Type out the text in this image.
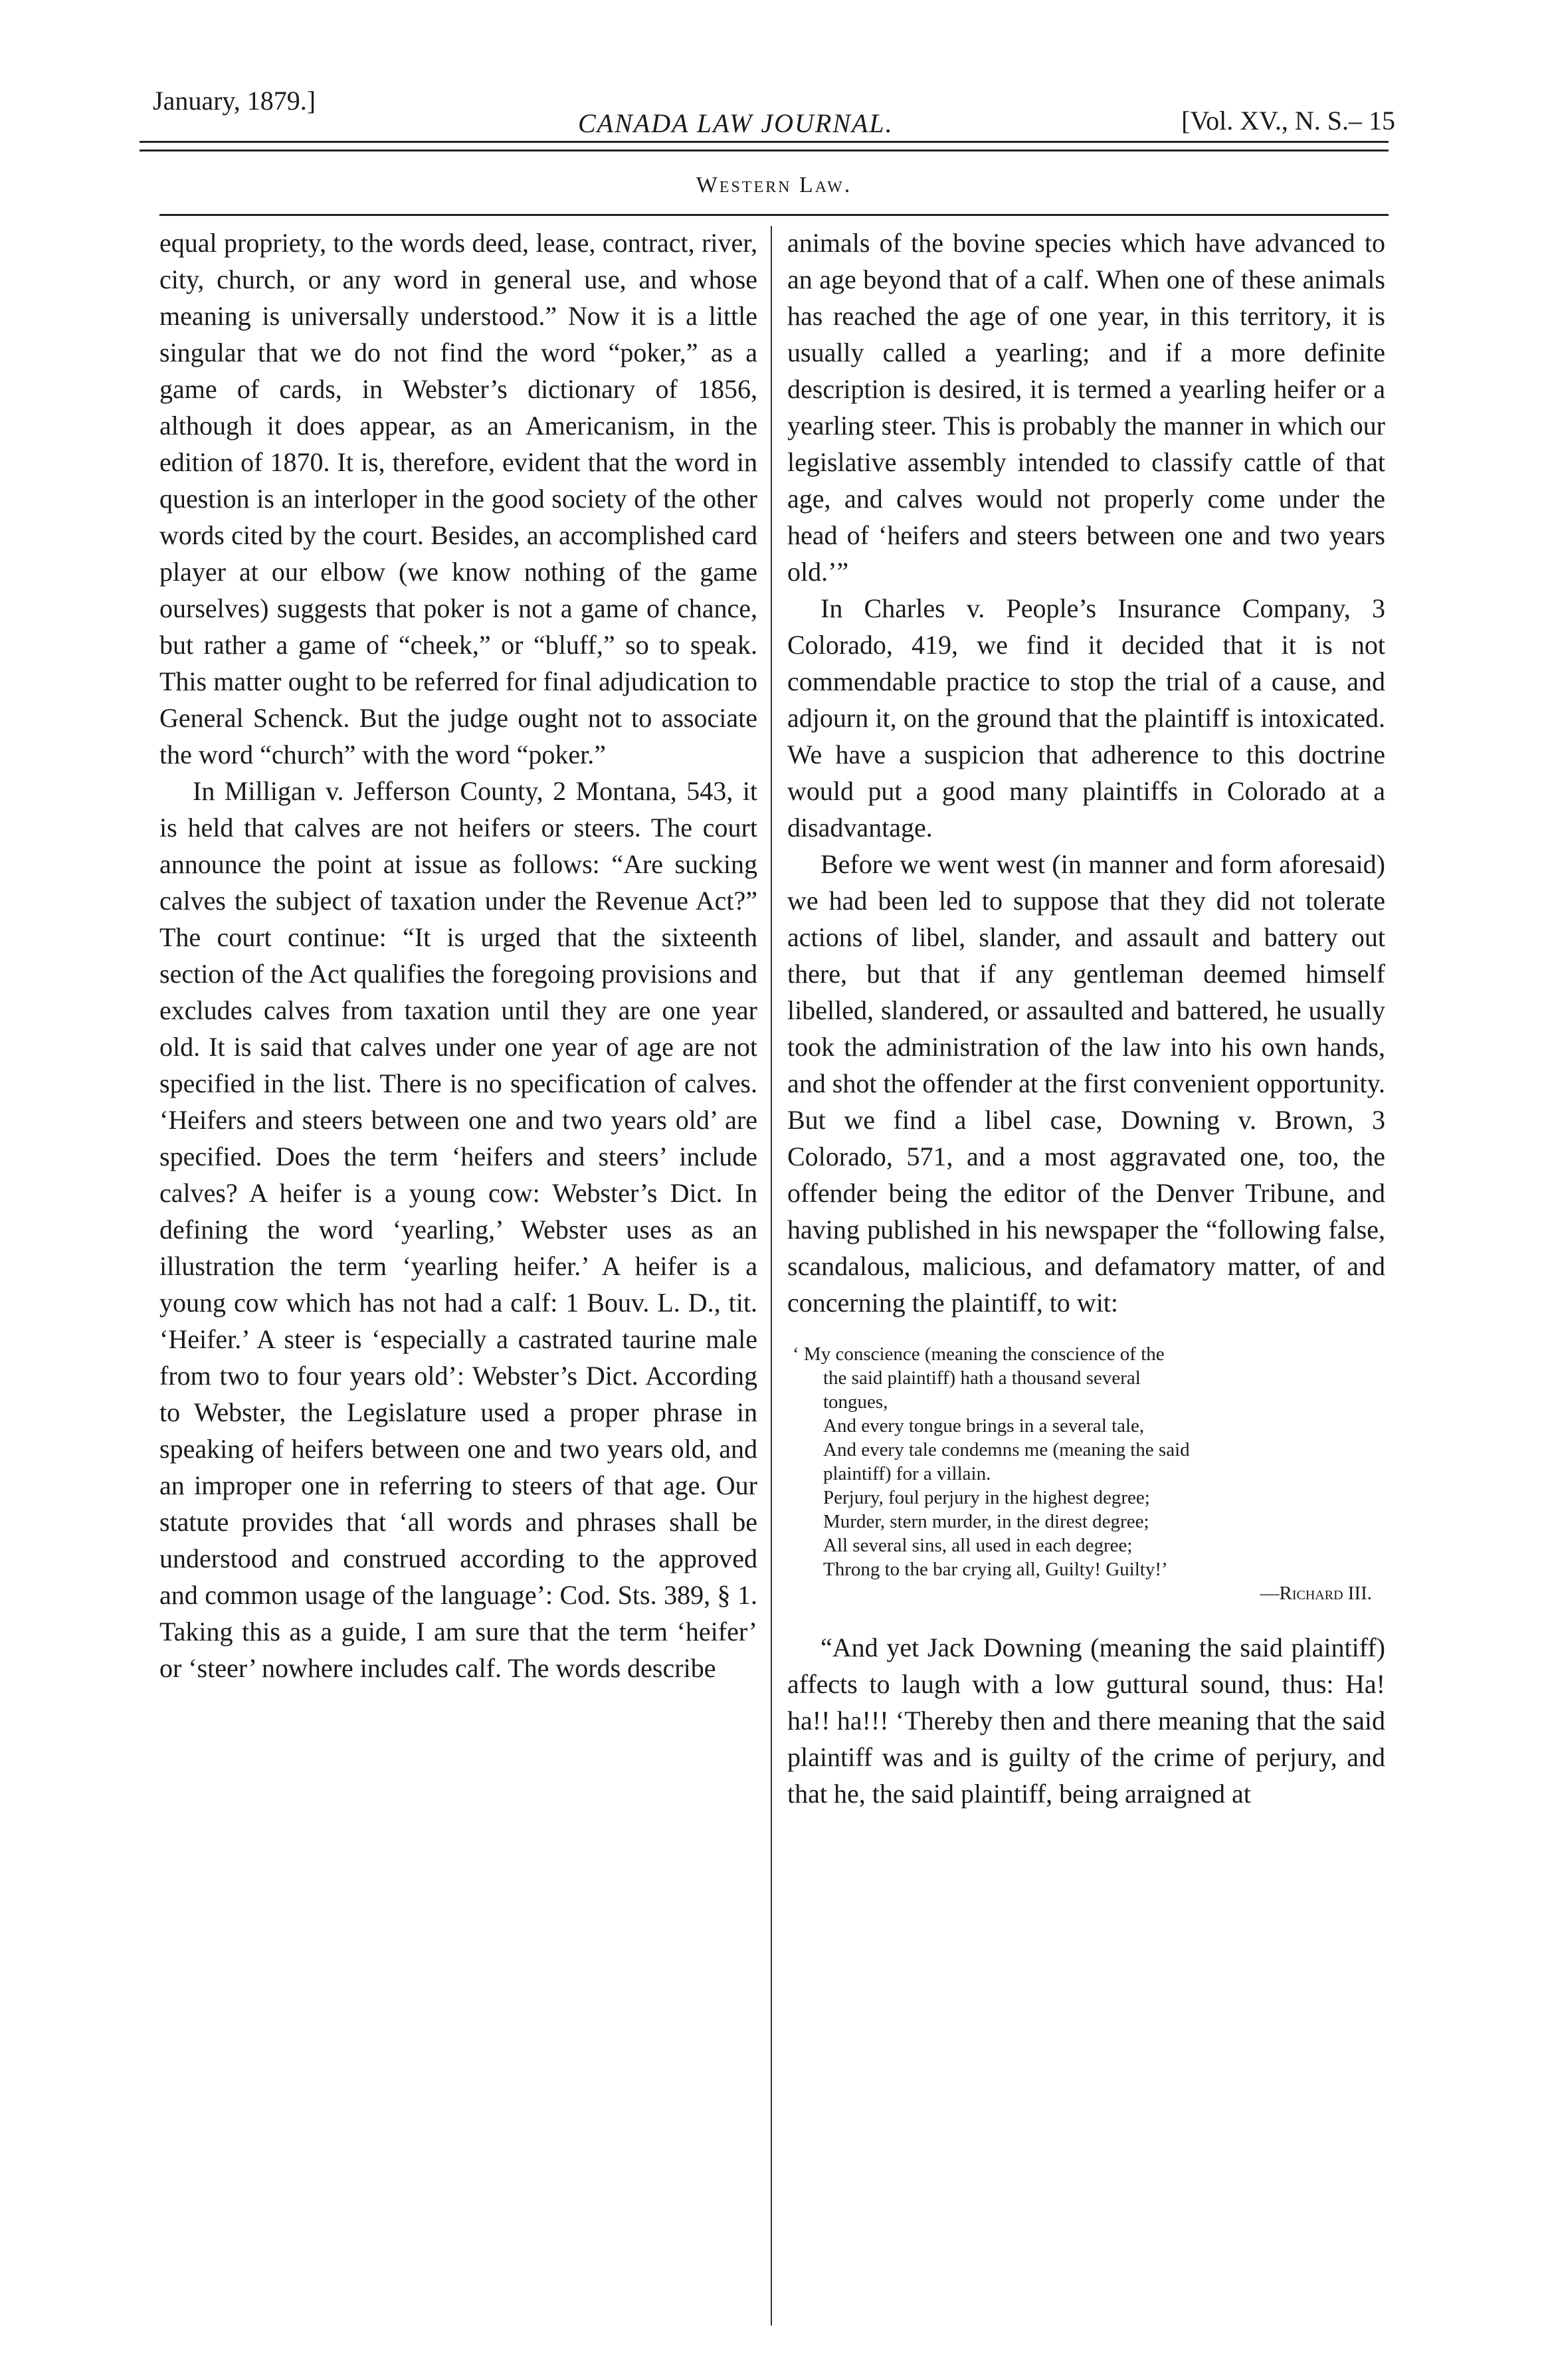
January, 1879.]
CANADA LAW JOURNAL.	[Vol. XV., N. S.– 15
Western Law.

equal propriety, to the words deed, lease, contract, river, city, church, or any word in general use, and whose meaning is universally understood.” Now it is a little singular that we do not find the word “poker,” as a game of cards, in Webster’s dictionary of 1856, although it does appear, as an Americanism, in the edition of 1870. It is, therefore, evident that the word in question is an interloper in the good society of the other words cited by the court. Besides, an accomplished card player at our elbow (we know nothing of the game ourselves) suggests that poker is not a game of chance, but rather a game of “cheek,” or “bluff,” so to speak. This matter ought to be referred for final adjudication to General Schenck. But the judge ought not to associate the word “church” with the word “poker.”

In Milligan v. Jefferson County, 2 Montana, 543, it is held that calves are not heifers or steers. The court announce the point at issue as follows: “Are sucking calves the subject of taxation under the Revenue Act?” The court continue: “It is urged that the sixteenth section of the Act qualifies the foregoing provisions and excludes calves from taxation until they are one year old. It is said that calves under one year of age are not specified in the list. There is no specification of calves. ‘Heifers and steers between one and two years old’ are specified. Does the term ‘heifers and steers’ include calves? A heifer is a young cow: Webster’s Dict. In defining the word ‘yearling,’ Webster uses as an illustration the term ‘yearling heifer.’ A heifer is a young cow which has not had a calf: 1 Bouv. L. D., tit. ‘Heifer.’ A steer is ‘especially a castrated taurine male from two to four years old’: Webster’s Dict. According to Webster, the Legislature used a proper phrase in speaking of heifers between one and two years old, and an improper one in referring to steers of that age. Our statute provides that ‘all words and phrases shall be understood and construed according to the approved and common usage of the language’: Cod. Sts. 389, § 1. Taking this as a guide, I am sure that the term ‘heifer’ or ‘steer’ nowhere includes calf. The words describe

animals of the bovine species which have advanced to an age beyond that of a calf. When one of these animals has reached the age of one year, in this territory, it is usually called a yearling; and if a more definite description is desired, it is termed a yearling heifer or a yearling steer. This is probably the manner in which our legislative assembly intended to classify cattle of that age, and calves would not properly come under the head of ‘heifers and steers between one and two years old.’”

In Charles v. People’s Insurance Company, 3 Colorado, 419, we find it decided that it is not commendable practice to stop the trial of a cause, and adjourn it, on the ground that the plaintiff is intoxicated. We have a suspicion that adherence to this doctrine would put a good many plaintiffs in Colorado at a disadvantage.

Before we went west (in manner and form aforesaid) we had been led to suppose that they did not tolerate actions of libel, slander, and assault and battery out there, but that if any gentleman deemed himself libelled, slandered, or assaulted and battered, he usually took the administration of the law into his own hands, and shot the offender at the first convenient opportunity. But we find a libel case, Downing v. Brown, 3 Colorado, 571, and a most aggravated one, too, the offender being the editor of the Denver Tribune, and having published in his newspaper the “following false, scandalous, malicious, and defamatory matter, of and concerning the plaintiff, to wit:

‘ My conscience (meaning the conscience of the
the said plaintiff) hath a thousand several
tongues,
And every tongue brings in a several tale,
And every tale condemns me (meaning the said
plaintiff) for a villain.
Perjury, foul perjury in the highest degree;
Murder, stern murder, in the direst degree;
All several sins, all used in each degree;
Throng to the bar crying all, Guilty! Guilty!’
—Richard III.

“And yet Jack Downing (meaning the said plaintiff) affects to laugh with a low guttural sound, thus: Ha! ha!! ha!!! ‘Thereby then and there meaning that the said plaintiff was and is guilty of the crime of perjury, and that he, the said plaintiff, being arraigned at
